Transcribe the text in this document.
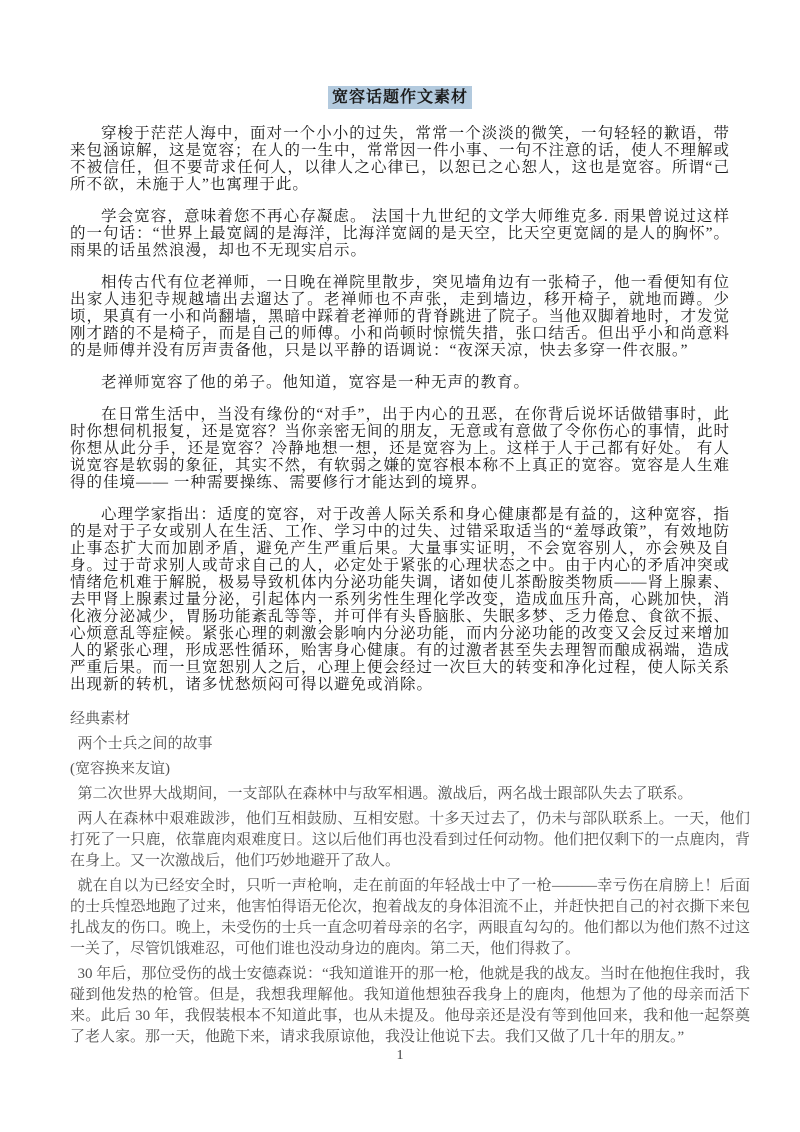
宽容话题作文素材

穿梭于茫茫人海中，面对一个小小的过失，常常一个淡淡的微笑，一句轻轻的歉语，带来包涵谅解，这是宽容；在人的一生中，常常因一件小事、一句不注意的话，使人不理解或不被信任，但不要苛求任何人，以律人之心律已，以恕已之心恕人，这也是宽容。所谓“己所不欲，未施于人”也寓理于此。

学会宽容，意味着您不再心存凝虑。 法国十九世纪的文学大师维克多. 雨果曾说过这样的一句话：“世界上最宽阔的是海洋，比海洋宽阔的是天空，比天空更宽阔的是人的胸怀”。雨果的话虽然浪漫，却也不无现实启示。

相传古代有位老禅师，一日晚在禅院里散步，突见墙角边有一张椅子，他一看便知有位出家人违犯寺规越墙出去遛达了。老禅师也不声张，走到墙边，移开椅子，就地而蹲。少顷，果真有一小和尚翻墙，黑暗中踩着老禅师的背脊跳进了院子。当他双脚着地时，才发觉刚才踏的不是椅子，而是自己的师傅。小和尚顿时惊慌失措，张口结舌。但出乎小和尚意料的是师傅并没有厉声责备他，只是以平静的语调说：“夜深天凉，快去多穿一件衣服。”

老禅师宽容了他的弟子。他知道，宽容是一种无声的教育。

在日常生活中，当没有缘份的“对手”，出于内心的丑恶，在你背后说坏话做错事时，此时你想伺机报复，还是宽容？当你亲密无间的朋友，无意或有意做了令你伤心的事情，此时你想从此分手，还是宽容？冷静地想一想，还是宽容为上。这样于人于己都有好处。 有人说宽容是软弱的象征，其实不然，有软弱之嫌的宽容根本称不上真正的宽容。宽容是人生难得的佳境—— 一种需要操练、需要修行才能达到的境界。

心理学家指出：适度的宽容，对于改善人际关系和身心健康都是有益的，这种宽容，指的是对于子女或别人在生活、工作、学习中的过失、过错采取适当的“羞辱政策”，有效地防止事态扩大而加剧矛盾，避免产生严重后果。大量事实证明，不会宽容别人，亦会殃及自身。过于苛求别人或苛求自己的人，必定处于紧张的心理状态之中。由于内心的矛盾冲突或情绪危机难于解脱，极易导致机体内分泌功能失调，诸如使儿茶酚胺类物质——肾上腺素、去甲肾上腺素过量分泌，引起体内一系列劣性生理化学改变，造成血压升高，心跳加快，消化液分泌减少，胃肠功能紊乱等等，并可伴有头昏脑胀、失眠多梦、乏力倦怠、食欲不振、心烦意乱等症候。紧张心理的刺激会影响内分泌功能，而内分泌功能的改变又会反过来增加人的紧张心理，形成恶性循环，贻害身心健康。有的过激者甚至失去理智而酿成祸端，造成严重后果。而一旦宽恕别人之后，心理上便会经过一次巨大的转变和净化过程，使人际关系出现新的转机，诸多忧愁烦闷可得以避免或消除。

经典素材

两个士兵之间的故事

(宽容换来友谊)

第二次世界大战期间，一支部队在森林中与敌军相遇。激战后，两名战士跟部队失去了联系。

两人在森林中艰难跋涉，他们互相鼓励、互相安慰。十多天过去了，仍未与部队联系上。一天，他们打死了一只鹿，依靠鹿肉艰难度日。这以后他们再也没看到过任何动物。他们把仅剩下的一点鹿肉，背在身上。又一次激战后，他们巧妙地避开了敌人。

就在自以为已经安全时，只听一声枪响，走在前面的年轻战士中了一枪———幸亏伤在肩膀上！后面的士兵惶恐地跑了过来，他害怕得语无伦次，抱着战友的身体泪流不止，并赶快把自己的衬衣撕下来包扎战友的伤口。晚上，未受伤的士兵一直念叨着母亲的名字，两眼直勾勾的。他们都以为他们熬不过这一关了，尽管饥饿难忍，可他们谁也没动身边的鹿肉。第二天，他们得救了。

30 年后，那位受伤的战士安德森说：“我知道谁开的那一枪，他就是我的战友。当时在他抱住我时，我碰到他发热的枪管。但是，我想我理解他。我知道他想独吞我身上的鹿肉，他想为了他的母亲而活下来。此后 30 年，我假装根本不知道此事，也从未提及。他母亲还是没有等到他回来，我和他一起祭奠了老人家。那一天，他跪下来，请求我原谅他，我没让他说下去。我们又做了几十年的朋友。”

1
